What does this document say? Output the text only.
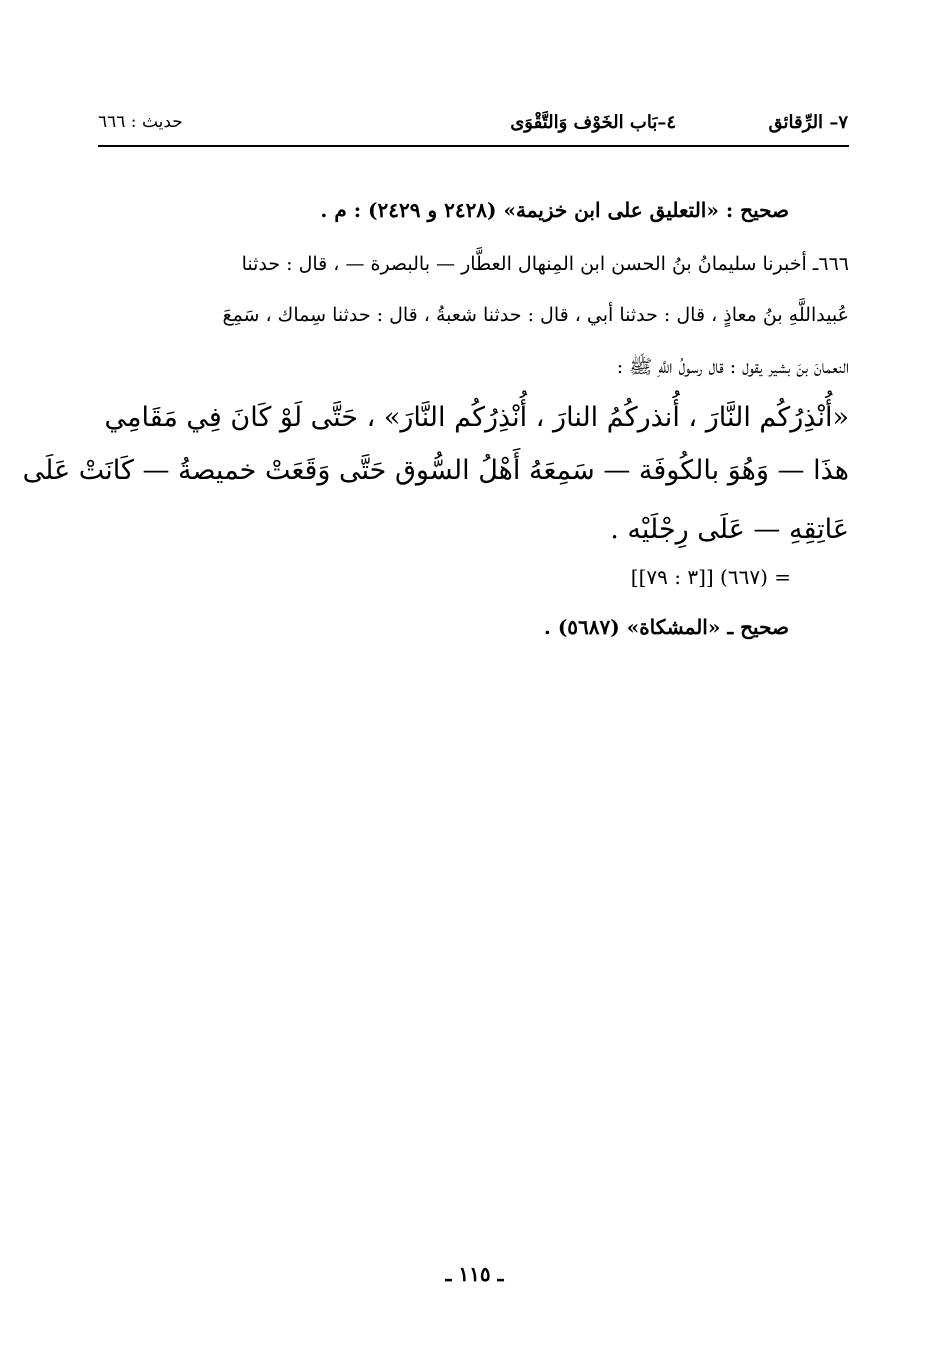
٧– الرِّقائق
٤–بَاب الخَوْف وَالتَّقْوَى
حديث : ٦٦٦
صحيح : «التعليق على ابن خزيمة» (٢٤٢٨ و ٢٤٢٩) : م .
٦٦٦ـ أخبرنا سليمانُ بنُ الحسن ابن المِنهال العطَّار — بالبصرة — ، قال : حدثنا
عُبيداللَّهِ بنُ معاذٍ ، قال : حدثنا أبي ، قال : حدثنا شعبةُ ، قال : حدثنا سِماك ، سَمِعَ
النعمانَ بنَ بشير يقول : قال رسولُ اللَّهِ ﷺ :
«أُنْذِرُكُم النَّارَ ، أُنذركُمُ النارَ ، أُنْذِرُكُم النَّارَ» ، حَتَّى لَوْ كَانَ فِي مَقَامِي
هذَا — وَهُوَ بالكُوفَة — سَمِعَهُ أَهْلُ السُّوق حَتَّى وَقَعَتْ خميصةُ — كَانَتْ عَلَى
عَاتِقِهِ — عَلَى رِجْلَيْه .
= (٦٦٧) [[٣ : ٧٩]]
صحيح ـ «المشكاة» (٥٦٨٧) .
ـ ١١٥ ـ
